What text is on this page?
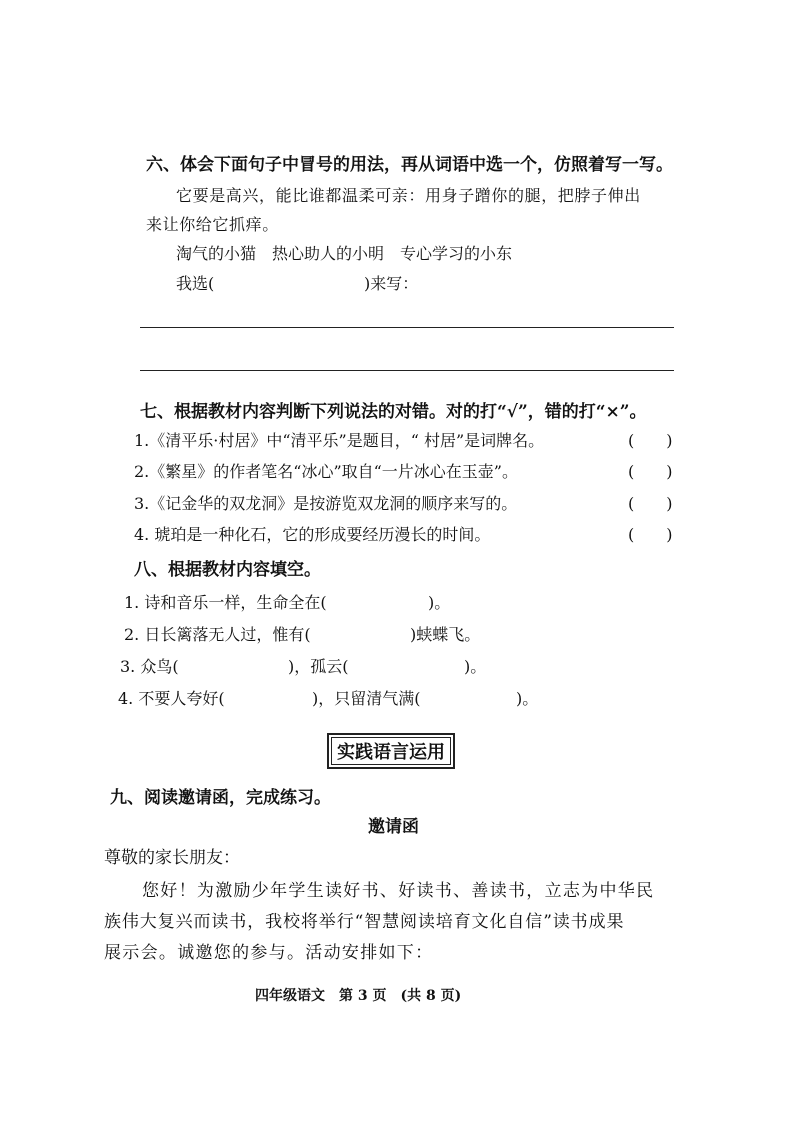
六、体会下面句子中冒号的用法，再从词语中选一个，仿照着写一写。
它要是高兴，能比谁都温柔可亲：用身子蹭你的腿，把脖子伸出
来让你给它抓痒。
淘气的小猫　热心助人的小明　专心学习的小东
我选(	)来写：
七、根据教材内容判断下列说法的对错。对的打“√”，错的打“×”。
1.《清平乐·村居》中“清平乐”是题目，“ 村居”是词牌名。	(　　)
2.《繁星》的作者笔名“冰心”取自“一片冰心在玉壶”。	(　　)
3.《记金华的双龙洞》是按游览双龙洞的顺序来写的。	(　　)
4. 琥珀是一种化石，它的形成要经历漫长的时间。	(　　)
八、根据教材内容填空。
1. 诗和音乐一样，生命全在(	)。
2. 日长篱落无人过，惟有(	)蛱蝶飞。
3. 众鸟(	)，孤云(	)。
4. 不要人夸好(	)，只留清气满(	)。
实践语言运用
九、阅读邀请函，完成练习。
邀请函
尊敬的家长朋友：
您好！为激励少年学生读好书、好读书、善读书，立志为中华民
族伟大复兴而读书，我校将举行“智慧阅读培育文化自信”读书成果
展示会。诚邀您的参与。活动安排如下：
四年级语文　第 3 页　(共 8 页)
